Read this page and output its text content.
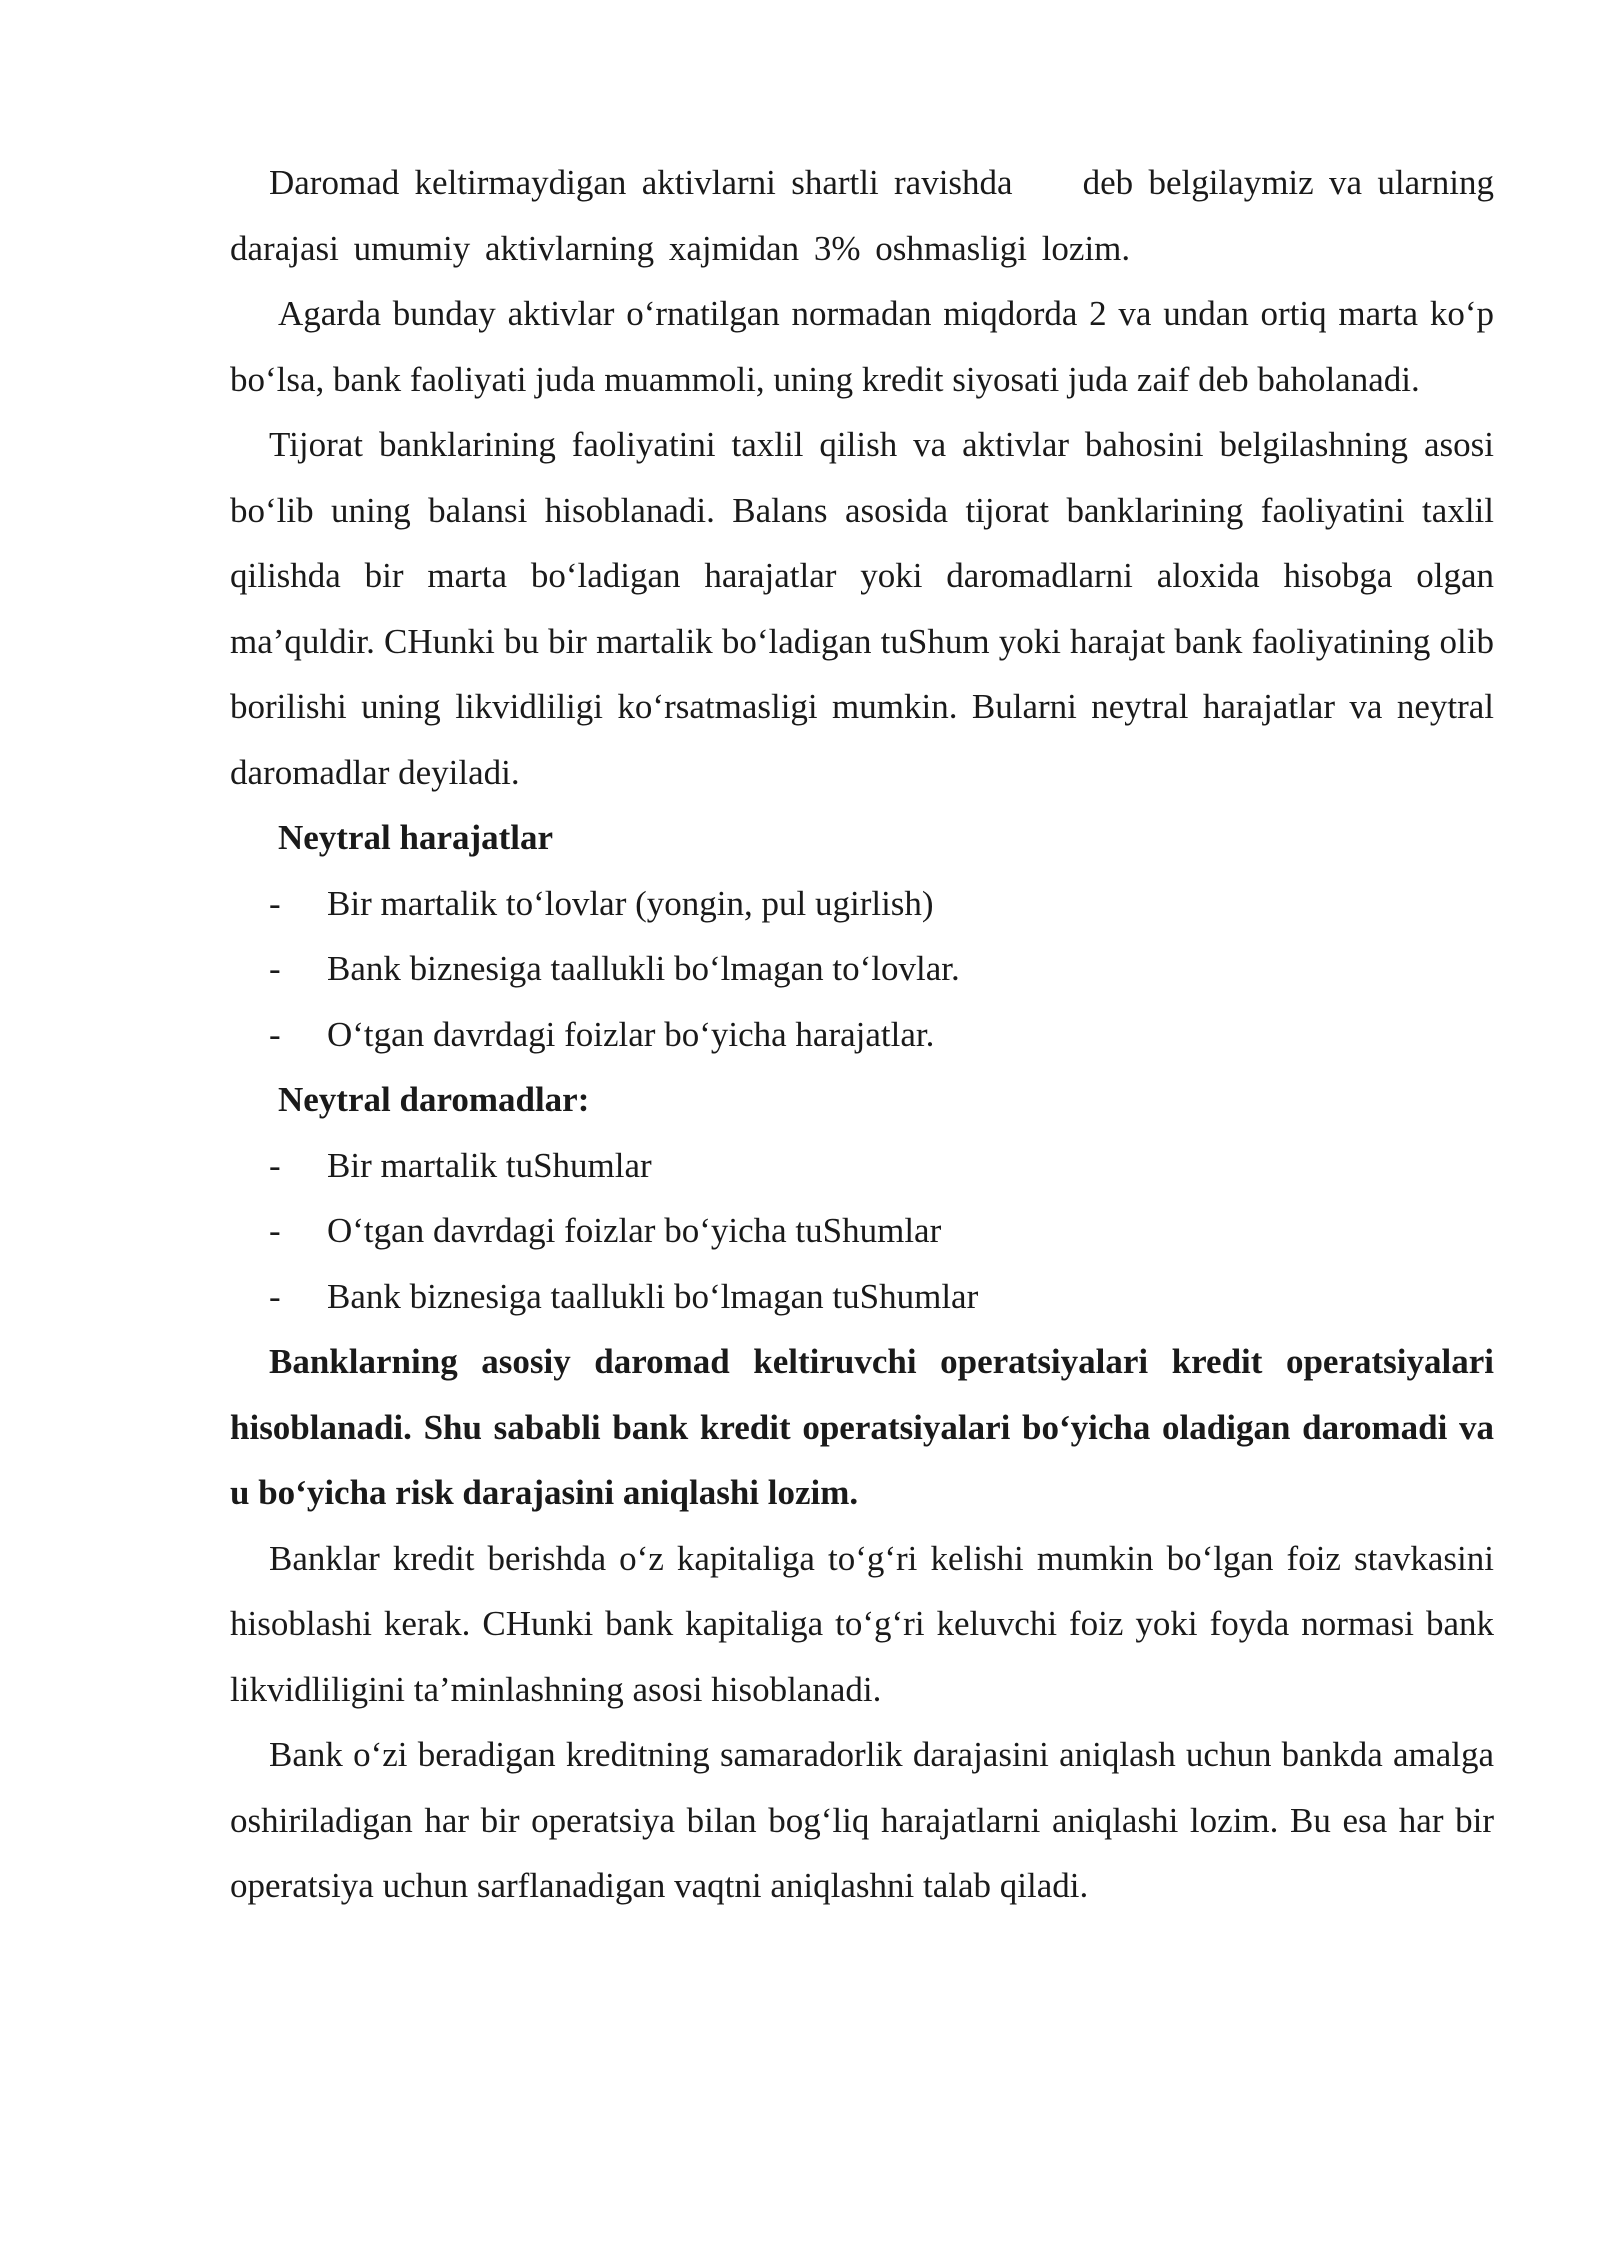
Daromad keltirmaydigan aktivlarni shartli ravishda deb belgilaymiz va ularning darajasi umumiy aktivlarning xajmidan 3% oshmasligi lozim.

Agarda bunday aktivlar o‘rnatilgan normadan miqdorda 2 va undan ortiq marta ko‘p bo‘lsa, bank faoliyati juda muammoli, uning kredit siyosati juda zaif deb baholanadi.

Tijorat banklarining faoliyatini taxlil qilish va aktivlar bahosini belgilashning asosi bo‘lib uning balansi hisoblanadi. Balans asosida tijorat banklarining faoliyatini taxlil qilishda bir marta bo‘ladigan harajatlar yoki daromadlarni aloxida hisobga olgan ma’quldir. CHunki bu bir martalik bo‘ladigan tuShum yoki harajat bank faoliyatining olib borilishi uning likvidliligi ko‘rsatmasligi mumkin. Bularni neytral harajatlar va neytral daromadlar deyiladi.

Neytral harajatlar

-	Bir martalik to‘lovlar (yongin, pul ugirlish)
-	Bank biznesiga taallukli bo‘lmagan to‘lovlar.
-	O‘tgan davrdagi foizlar bo‘yicha harajatlar.

Neytral daromadlar:

-	Bir martalik tuShumlar
-	O‘tgan davrdagi foizlar bo‘yicha tuShumlar
-	Bank biznesiga taallukli bo‘lmagan tuShumlar

Banklarning asosiy daromad keltiruvchi operatsiyalari kredit operatsiyalari hisoblanadi. Shu sababli bank kredit operatsiyalari bo‘yicha oladigan daromadi va u bo‘yicha risk darajasini aniqlashi lozim.

Banklar kredit berishda o‘z kapitaliga to‘g‘ri kelishi mumkin bo‘lgan foiz stavkasini hisoblashi kerak. CHunki bank kapitaliga to‘g‘ri keluvchi foiz yoki foyda normasi bank likvidliligini ta’minlashning asosi hisoblanadi.

Bank o‘zi beradigan kreditning samaradorlik darajasini aniqlash uchun bankda amalga oshiriladigan har bir operatsiya bilan bog‘liq harajatlarni aniqlashi lozim. Bu esa har bir operatsiya uchun sarflanadigan vaqtni aniqlashni talab qiladi.
